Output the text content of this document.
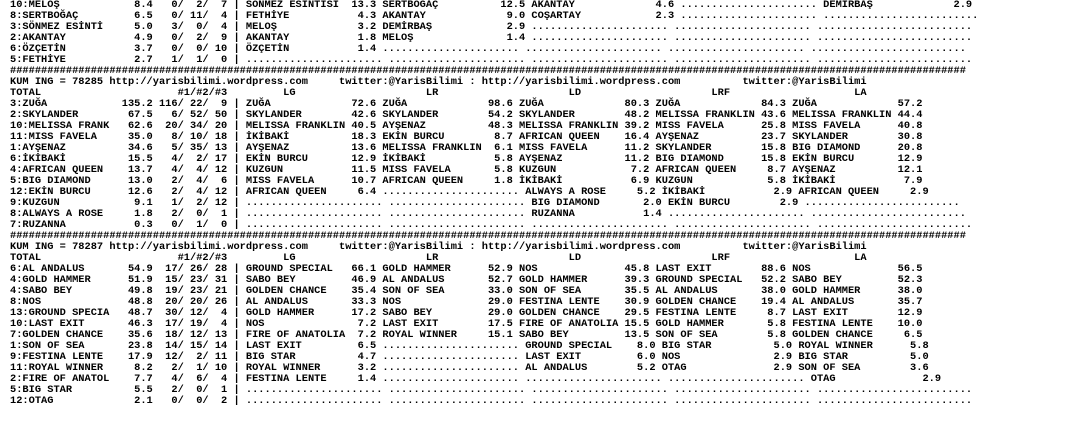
10:MELOŞ            8.4   0/  2/  7 | SÖNMEZ ESİNTİSİ  13.3 SERTBOĞAÇ          12.5 AKANTAY             4.6 ...................... DEMİRBAŞ             2.9
8:SERTBOĞAÇ         6.5   0/ 11/  4 | FETHİYE           4.3 AKANTAY             9.0 COŞARTAY            2.3 ...................... .........................
3:SÖNMEZ ESİNTİ     5.0   3/  0/  4 | MELOŞ             3.2 DEMİRBAŞ            2.9 ...................... ...................... .........................
2:AKANTAY           4.9   0/  2/  9 | AKANTAY           1.8 MELOŞ               1.4 ...................... ...................... .........................
6:ÖZÇETİN           3.7   0/  0/ 10 | ÖZÇETİN           1.4 ...................... ...................... ...................... .........................
5:FETHİYE           2.7   1/  1/  0 | ...................... ...................... ...................... ...................... .........................
##########################################################################################################################################################
KUM ING = 78285 http://yarisbilimi.wordpress.com     twitter:@YarisBilimi : http://yarisbilimi.wordpress.com          twitter:@YarisBilimi
TOTAL                      #1/#2/#3         LG                     LR                     LD                     LRF                    LA
3:ZUĞA            135.2 116/ 22/  9 | ZUĞA             72.6 ZUĞA             98.6 ZUĞA             80.3 ZUĞA             84.3 ZUĞA             57.2
2:SKYLANDER        67.5   6/ 52/ 50 | SKYLANDER        42.6 SKYLANDER        54.2 SKYLANDER        48.2 MELISSA FRANKLIN 43.6 MELISSA FRANKLIN 44.4
10:MELISSA FRANK   62.6  20/ 34/ 20 | MELISSA FRANKLIN 40.5 AYŞENAZ          48.3 MELISSA FRANKLIN 39.2 MISS FAVELA      25.8 MISS FAVELA      40.8
11:MISS FAVELA     35.0   8/ 10/ 18 | İKİBAKİ          18.3 EKİN BURCU        8.7 AFRICAN QUEEN    16.4 AYŞENAZ          23.7 SKYLANDER        30.8
1:AYŞENAZ          34.6   5/ 35/ 13 | AYŞENAZ          13.6 MELISSA FRANKLIN  6.1 MISS FAVELA      11.2 SKYLANDER        15.8 BIG DIAMOND      20.8
6:İKİBAKİ          15.5   4/  2/ 17 | EKİN BURCU       12.9 İKİBAKİ           5.8 AYŞENAZ          11.2 BIG DIAMOND      15.8 EKİN BURCU       12.9
4:AFRICAN QUEEN    13.7   4/  4/ 12 | KUZGUN           11.5 MISS FAVELA       5.8 KUZGUN            7.2 AFRICAN QUEEN     8.7 AYŞENAZ          12.1
5:BIG DIAMOND      13.0   2/  4/  6 | MISS FAVELA      10.7 AFRICAN QUEEN     1.8 İKİBAKİ           6.9 KUZGUN            5.8 İKİBAKİ           7.9
12:EKİN BURCU      12.6   2/  4/ 12 | AFRICAN QUEEN     6.4 ...................... ALWAYS A ROSE     5.2 İKİBAKİ           2.9 AFRICAN QUEEN     2.9
9:KUZGUN            9.1   1/  2/ 12 | ...................... ...................... BIG DIAMOND       2.0 EKİN BURCU        2.9 .........................
8:ALWAYS A ROSE     1.8   2/  0/  1 | ...................... ...................... RUZANNA           1.4 ...................... .........................
7:RUZANNA           0.3   0/  1/  0 | ...................... ...................... ...................... ...................... .........................
##########################################################################################################################################################
KUM ING = 78287 http://yarisbilimi.wordpress.com     twitter:@YarisBilimi : http://yarisbilimi.wordpress.com          twitter:@YarisBilimi
TOTAL                      #1/#2/#3         LG                     LR                     LD                     LRF                    LA
6:AL ANDALUS       54.9  17/ 26/ 28 | GROUND SPECIAL   66.1 GOLD HAMMER      52.9 NOS              45.8 LAST EXIT        88.6 NOS              56.5
4:GOLD HAMMER      51.9  15/ 23/ 31 | SABO BEY         46.9 AL ANDALUS       52.7 GOLD HAMMER      39.3 GROUND SPECIAL   52.2 SABO BEY         52.3
4:SABO BEY         49.8  19/ 23/ 21 | GOLDEN CHANCE    35.4 SON OF SEA       33.0 SON OF SEA       35.5 AL ANDALUS       38.0 GOLD HAMMER      38.0
8:NOS              48.8  20/ 20/ 26 | AL ANDALUS       33.3 NOS              29.0 FESTINA LENTE    30.9 GOLDEN CHANCE    19.4 AL ANDALUS       35.7
13:GROUND SPECIA   48.7  30/ 12/  4 | GOLD HAMMER      17.2 SABO BEY         29.0 GOLDEN CHANCE    29.5 FESTINA LENTE     8.7 LAST EXIT        12.9
10:LAST EXIT       46.3  17/ 19/  4 | NOS               7.2 LAST EXIT        17.5 FIRE OF ANATOLIA 15.5 GOLD HAMMER       5.8 FESTINA LENTE    10.0
7:GOLDEN CHANCE    35.6  18/ 12/ 13 | FIRE OF ANATOLIA  7.2 ROYAL WINNER     15.1 SABO BEY         13.5 SON OF SEA        5.8 GOLDEN CHANCE     6.5
1:SON OF SEA       23.8  14/ 15/ 14 | LAST EXIT         6.5 ...................... GROUND SPECIAL    8.0 BIG STAR          5.0 ROYAL WINNER      5.8
9:FESTINA LENTE    17.9  12/  2/ 11 | BIG STAR          4.7 ...................... LAST EXIT         6.0 NOS               2.9 BIG STAR          5.0
11:ROYAL WINNER     8.2   2/  1/ 10 | ROYAL WINNER      3.2 ...................... AL ANDALUS        5.2 OTAG              2.9 SON OF SEA        3.6
2:FIRE OF ANATOL    7.7   4/  6/  4 | FESTINA LENTE     1.4 ...................... ...................... ...................... OTAG              2.9
5:BIG STAR          5.5   2/  0/  1 | ...................... ...................... ...................... ...................... .........................
12:OTAG             2.1   0/  0/  2 | ...................... ...................... ...................... ...................... .........................
